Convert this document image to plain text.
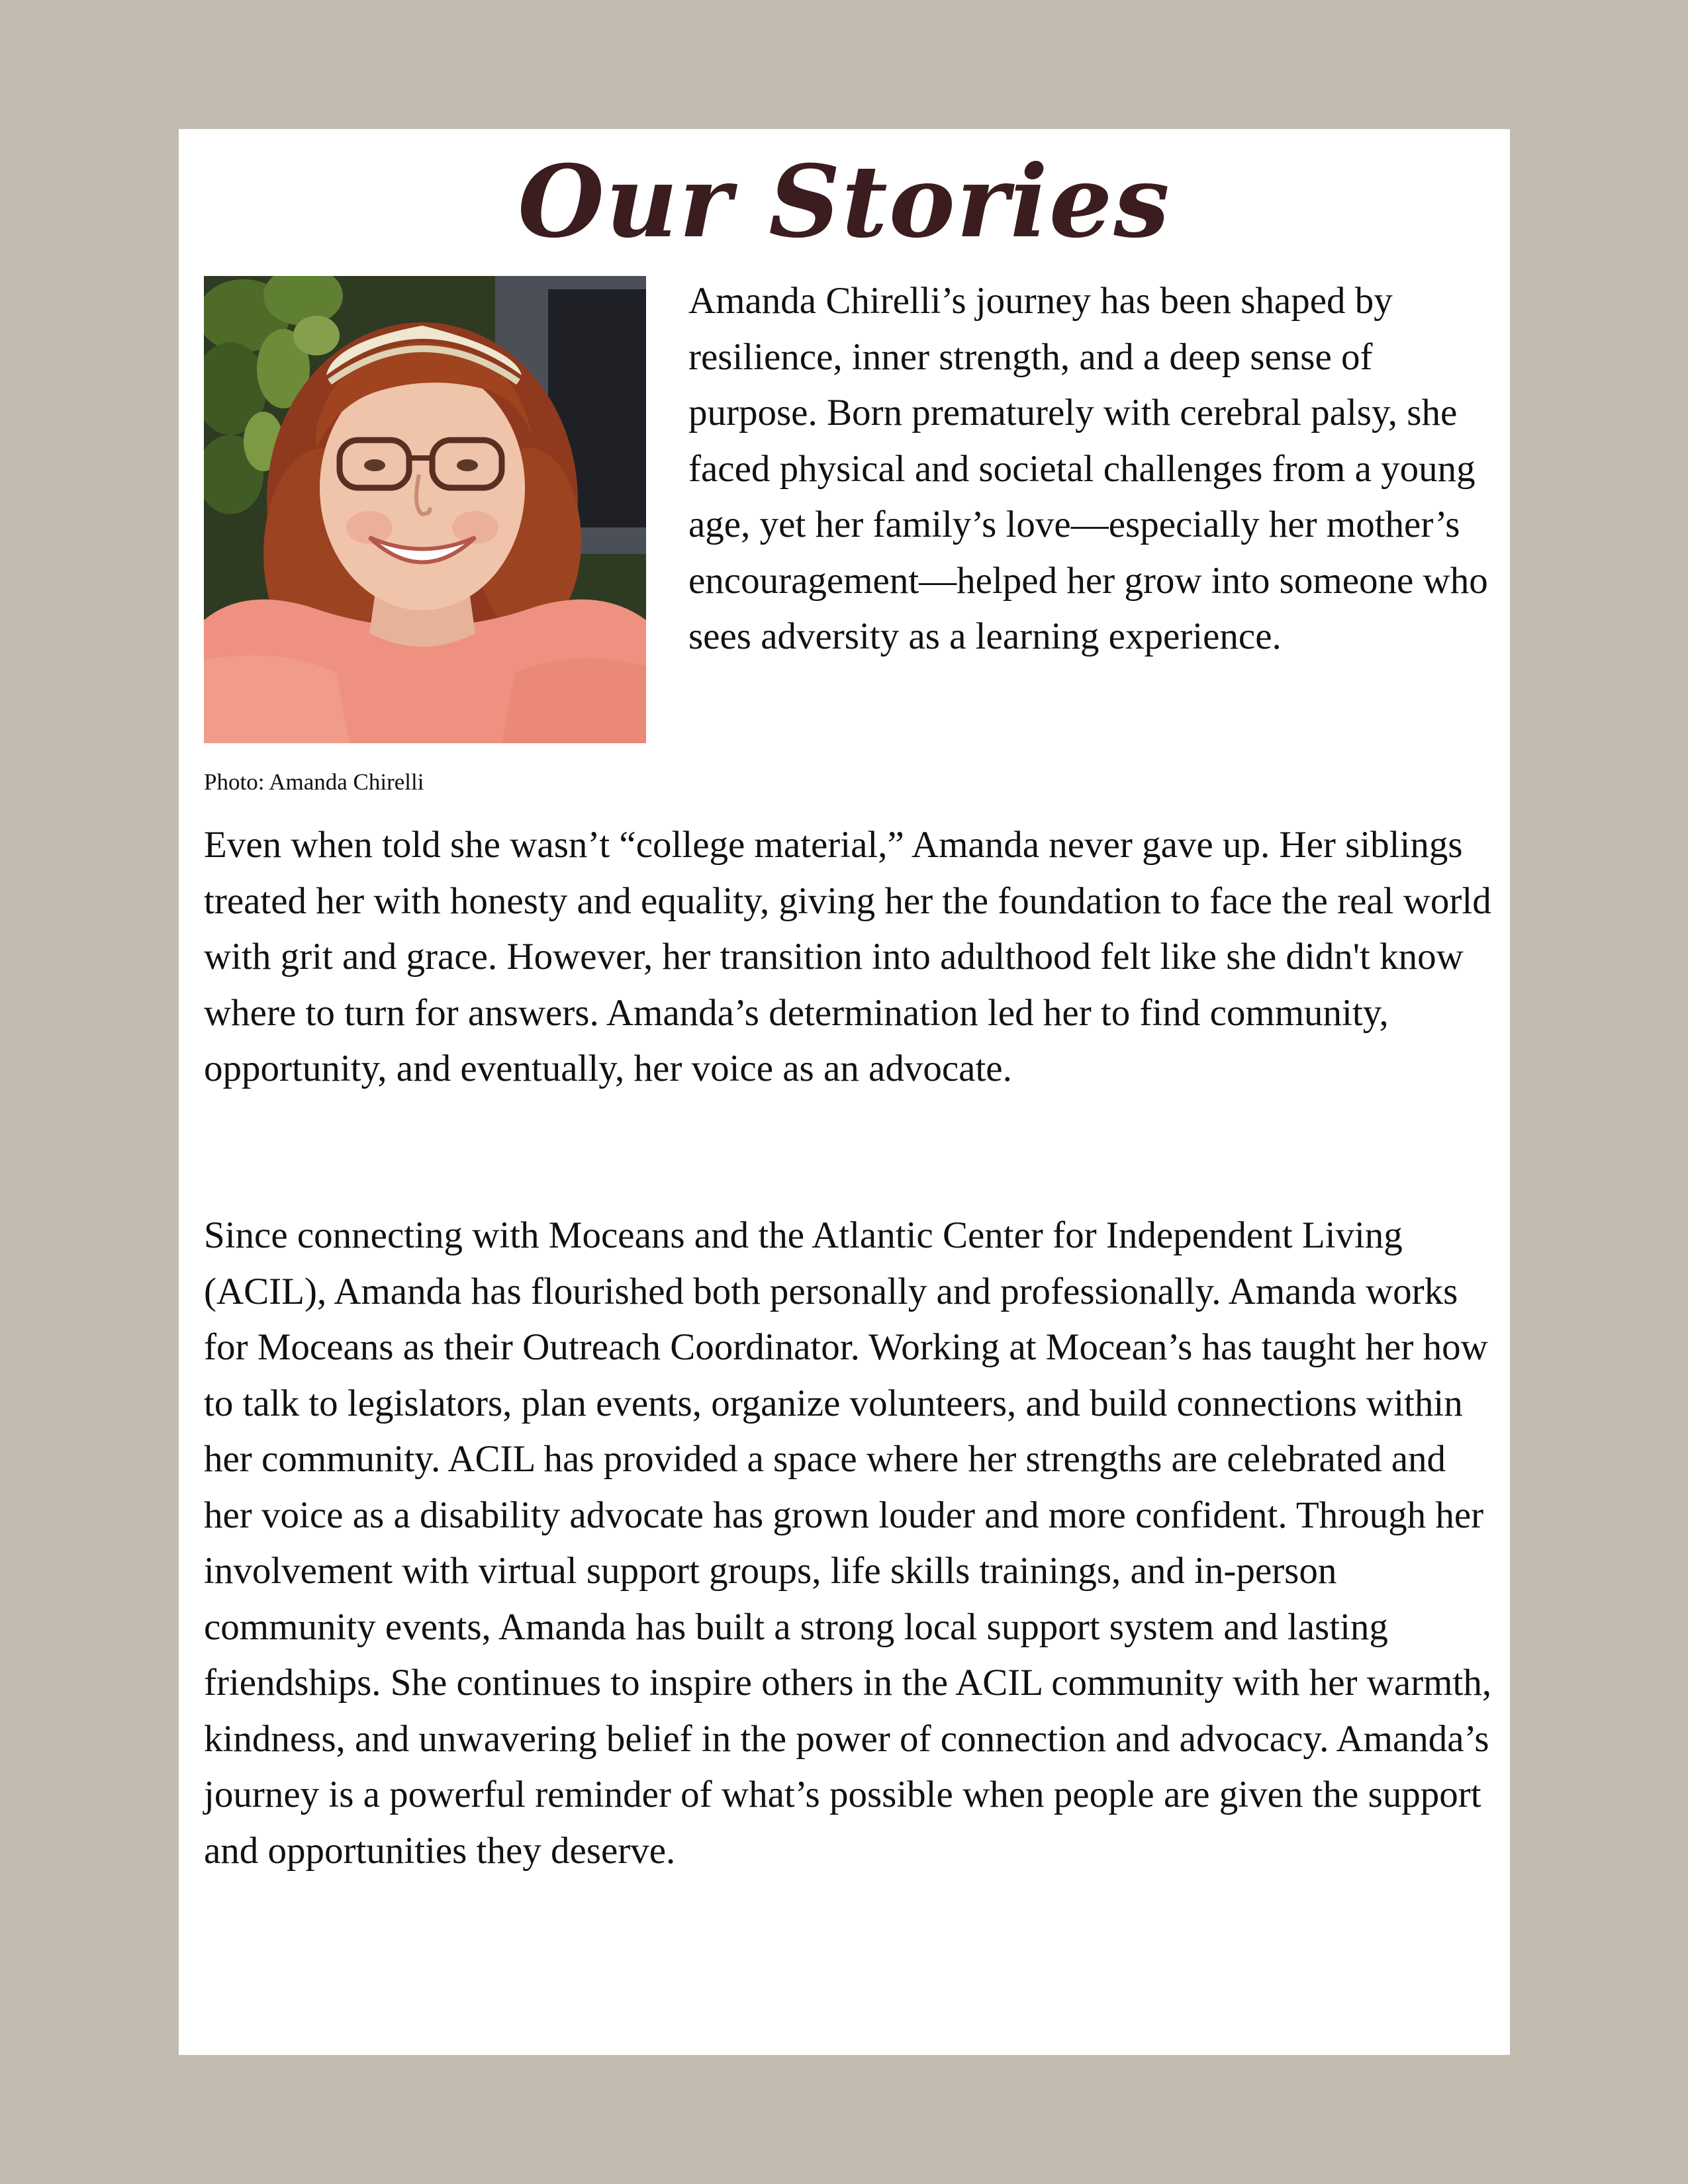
Our Stories

Amanda Chirelli’s journey has been shaped by resilience, inner strength, and a deep sense of purpose. Born prematurely with cerebral palsy, she faced physical and societal challenges from a young age, yet her family’s love—especially her mother’s encouragement—helped her grow into someone who sees adversity as a learning experience.

Photo: Amanda Chirelli

Even when told she wasn’t “college material,” Amanda never gave up. Her siblings treated her with honesty and equality, giving her the foundation to face the real world with grit and grace. However, her transition into adulthood felt like she didn't know where to turn for answers. Amanda’s determination led her to find community, opportunity, and eventually, her voice as an advocate.

Since connecting with Moceans and the Atlantic Center for Independent Living (ACIL), Amanda has flourished both personally and professionally. Amanda works for Moceans as their Outreach Coordinator. Working at Mocean’s has taught her how to talk to legislators, plan events, organize volunteers, and build connections within her community. ACIL has provided a space where her strengths are celebrated and her voice as a disability advocate has grown louder and more confident. Through her involvement with virtual support groups, life skills trainings, and in-person community events, Amanda has built a strong local support system and lasting friendships. She continues to inspire others in the ACIL community with her warmth, kindness, and unwavering belief in the power of connection and advocacy. Amanda’s journey is a powerful reminder of what’s possible when people are given the support and opportunities they deserve.
